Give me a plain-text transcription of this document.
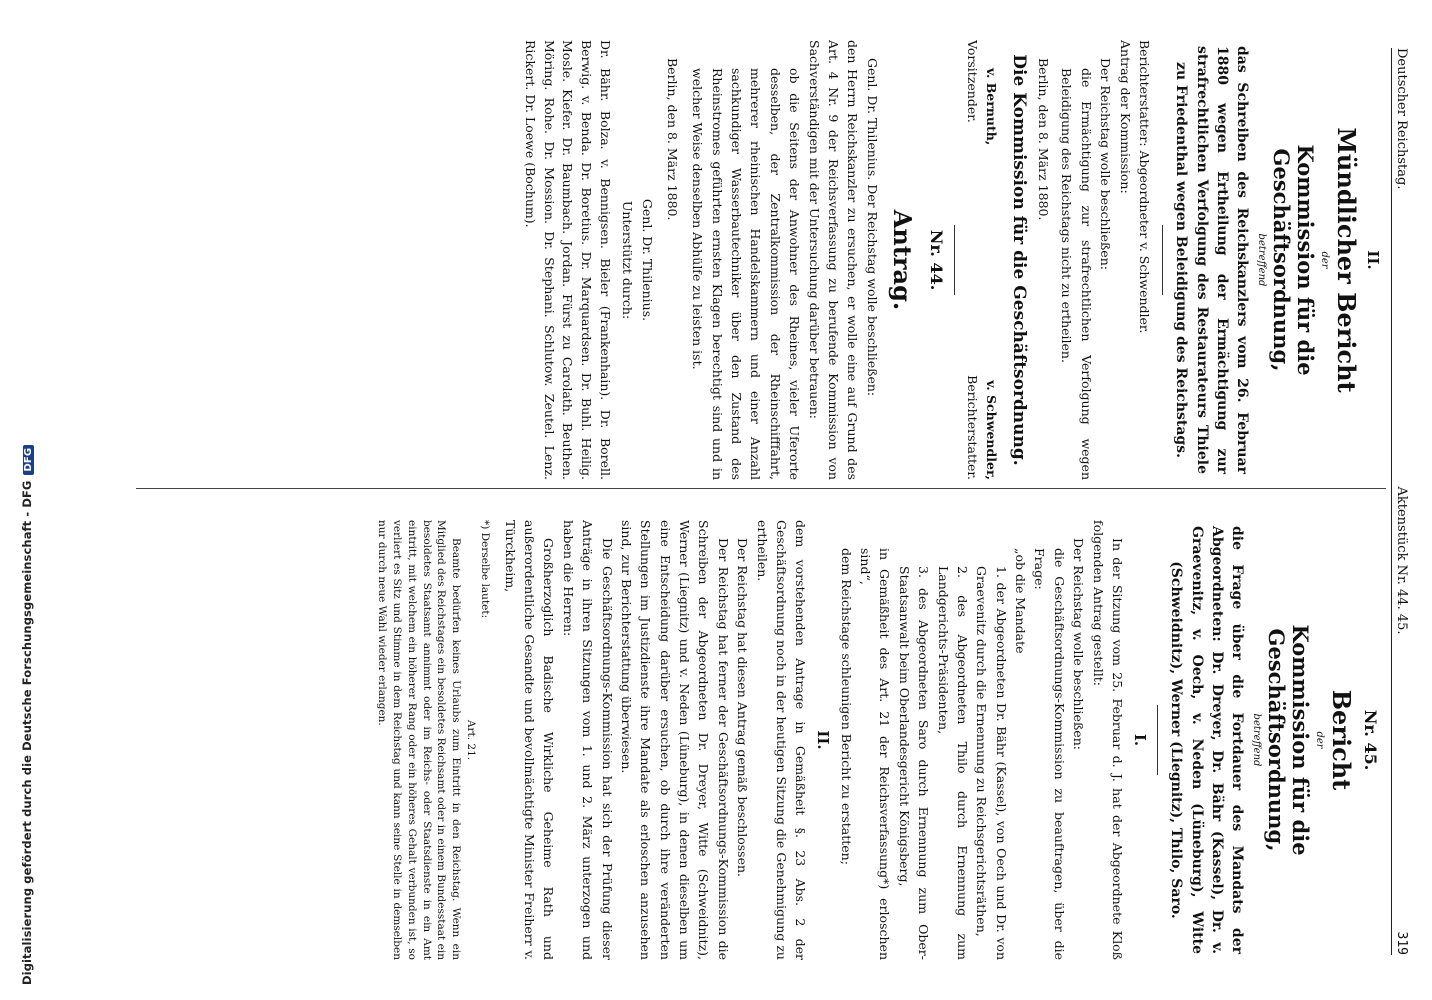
Digitalisierung gefördert durch die Deutsche Forschungsgemeinschaft - DFGDFG
Deutscher Reichstag.
Aktenstück Nr. 44. 45.
319
II.
Mündlicher Bericht
der
Kommission für die Geschäftsordnung,
betreffend
das Schreiben des Reichskanzlers vom 26. Februar 1880 wegen Ertheilung der Ermächtigung zur strafrechtlichen Verfolgung des Restaurateurs Thiele zu Friedenthal wegen Beleidigung des Reichstags.

Berichterstatter: Abgeordneter v. Schwendler.

Antrag der Kommission:

Der Reichstag wolle beschließen:

die Ermächtigung zur strafrechtlichen Verfolgung wegen Beleidigung des Reichstags nicht zu ertheilen.

Berlin, den 8. März 1880.

Die Kommission für die Geschäftsordnung.
v. Bernuth,
v. Schwendler,
Vorsitzender.
Berichterstatter.
Nr. 44.
Antrag.

Genl. Dr. Thilenius. Der Reichstag wolle beschließen:

den Herrn Reichskanzler zu ersuchen, er wolle eine auf Grund des Art. 4 Nr. 9 der Reichsverfassung zu berufende Kommission von Sachverständigen mit der Untersuchung darüber betrauen:

ob die Seitens der Anwohner des Rheines, vieler Uferorte desselben, der Zentralkommission der Rheinschifffahrt, mehrerer rheinischen Handelskammern und einer Anzahl sachkundiger Wasserbautechniker über den Zustand des Rheinstromes geführten ernsten Klagen berechtigt sind und in welcher Weise denselben Abhülfe zu leisten ist.

Berlin, den 8. März 1880.

Genl. Dr. Thilenius.

Unterstützt durch:

Dr. Bähr. Bolza. v. Bennigsen. Bieler (Frankenhain). Dr. Borell. Berwig. v. Benda. Dr. Boretius. Dr. Marquardsen. Dr. Buhl. Heilig. Mosle. Kiefer. Dr. Baumbach. Jordan. Fürst zu Carolath. Beuthen. Möring. Rohe. Dr. Mossion. Dr. Stephani. Schlutow. Zeutel. Lenz. Rickert. Dr. Loewe (Bochum).
Nr. 45.
Bericht
der
Kommission für die Geschäftsordnung,
betreffend
die Frage über die Fortdauer des Mandats der Abgeordneten: Dr. Dreyer, Dr. Bähr (Kassel), Dr. v. Graevenitz, v. Oech, v. Neden (Lüneburg), Witte (Schweidnitz), Werner (Liegnitz), Thilo, Saro.
I.

In der Sitzung vom 25. Februar d. J. hat der Abgeordnete Kloß folgenden Antrag gestellt:

Der Reichstag wolle beschließen:

die Geschäftsordnungs-Kommission zu beauftragen, über die Frage:

„ob die Mandate

1. der Abgeordneten Dr. Bähr (Kassel), von Oech und Dr. von Graevenitz durch die Ernennung zu Reichsgerichtsräthen,

2. des Abgeordneten Thilo durch Ernennung zum Landgerichts-Präsidenten,

3. des Abgeordneten Saro durch Ernennung zum Ober-Staatsanwalt beim Oberlandesgericht Königsberg,

in Gemäßheit des Art. 21 der Reichsverfassung*) erloschen sind“,

dem Reichstage schleunigen Bericht zu erstatten;

II.

dem vorstehenden Antrage in Gemäßheit §. 23 Abs. 2 der Geschäftsordnung noch in der heutigen Sitzung die Genehmigung zu ertheilen.

Der Reichstag hat diesen Antrag gemäß beschlossen.

Der Reichstag hat ferner der Geschäftsordnungs-Kommission die Schreiben der Abgeordneten Dr. Dreyer, Witte (Schweidnitz), Werner (Liegnitz) und v. Neden (Lüneburg), in denen dieselben um eine Entscheidung darüber ersuchen, ob durch ihre veränderten Stellungen im Justizdienste ihre Mandate als erloschen anzusehen sind, zur Berichterstattung überwiesen.

Die Geschäftsordnungs-Kommission hat sich der Prüfung dieser Anträge in ihren Sitzungen vom 1. und 2. März unterzogen und haben die Herren:

Großherzoglich Badische Wirkliche Geheime Rath und außerordentliche Gesandte und bevollmächtigte Minister Freiherr v. Türckheim,

*) Derselbe lautet:
Art. 21.
Beamte bedürfen keines Urlaubs zum Eintritt in den Reichstag. Wenn ein Mitglied des Reichstages ein besoldetes Reichsamt oder in einem Bundesstaat ein besoldetes Staatsamt annimmt oder im Reichs- oder Staatsdienste in ein Amt eintritt, mit welchem ein höherer Rang oder ein höheres Gehalt verbunden ist, so verliert es Sitz und Stimme in dem Reichstag und kann seine Stelle in demselben nur durch neue Wahl wieder erlangen.
